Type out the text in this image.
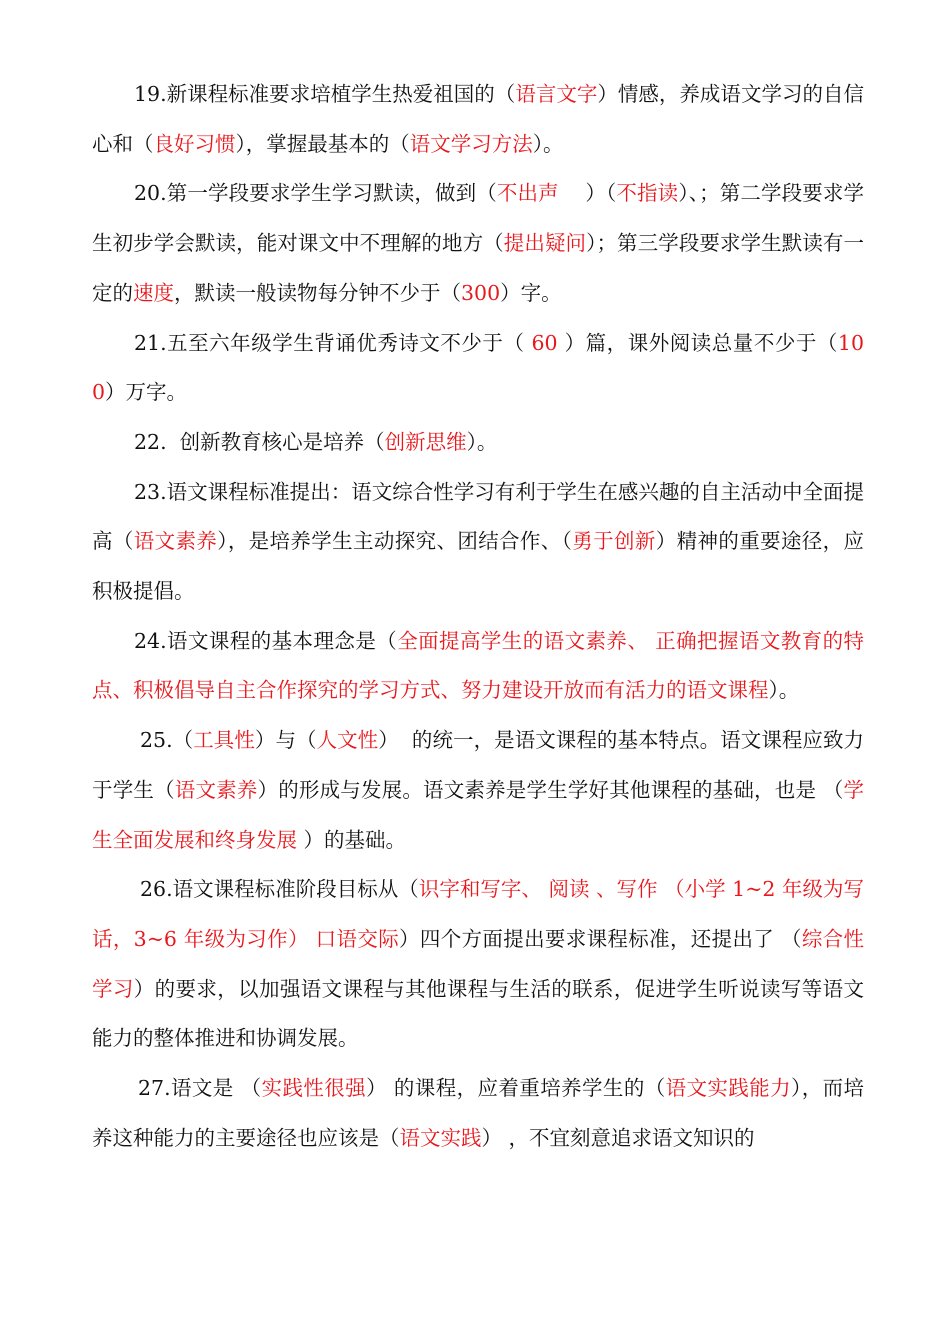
19.新课程标准要求培植学生热爱祖国的（语言文字）情感，养成语文学习的自信心和（良好习惯），掌握最基本的（语文学习方法）。

20.第一学段要求学生学习默读，做到（不出声    ）（不指读）、；第二学段要求学生初步学会默读，能对课文中不理解的地方（提出疑问）；第三学段要求学生默读有一定的速度，默读一般读物每分钟不少于（300）字。

21.五至六年级学生背诵优秀诗文不少于（ 60 ）篇，课外阅读总量不少于（100）万字。

22.  创新教育核心是培养（创新思维）。

23.语文课程标准提出：语文综合性学习有利于学生在感兴趣的自主活动中全面提高（语文素养），是培养学生主动探究、团结合作、（勇于创新）精神的重要途径，应积极提倡。

24.语文课程的基本理念是（全面提高学生的语文素养、 正确把握语文教育的特点、积极倡导自主合作探究的学习方式、努力建设开放而有活力的语文课程）。

25.（工具性）与（人文性）  的统一，是语文课程的基本特点。语文课程应致力于学生（语文素养）的形成与发展。语文素养是学生学好其他课程的基础，也是 （学生全面发展和终身发展 ）的基础。

26.语文课程标准阶段目标从（识字和写字、 阅读 、写作 （小学 1~2 年级为写话，3~6 年级为习作） 口语交际）四个方面提出要求课程标准，还提出了 （综合性学习）的要求，以加强语文课程与其他课程与生活的联系，促进学生听说读写等语文能力的整体推进和协调发展。

27.语文是 （实践性很强） 的课程，应着重培养学生的（语文实践能力），而培养这种能力的主要途径也应该是（语文实践） ，不宜刻意追求语文知识的
